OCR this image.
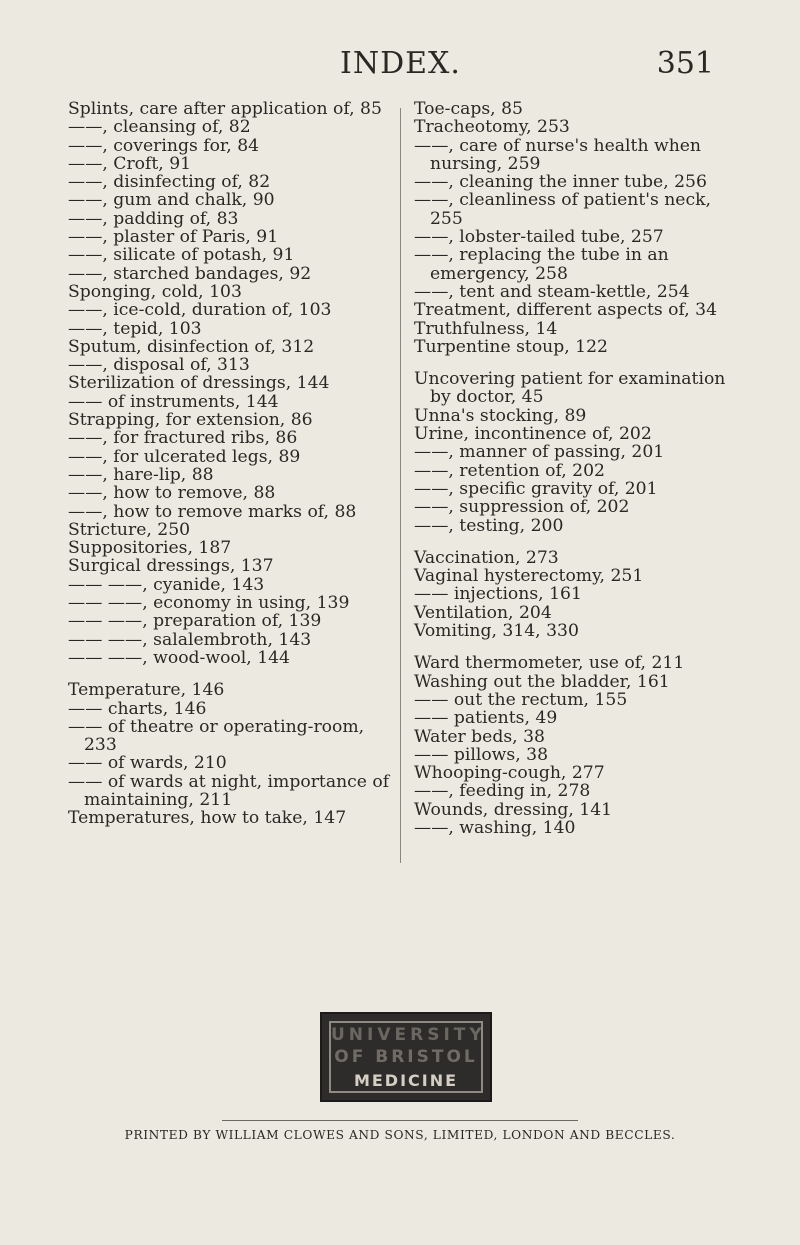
INDEX.	351

Splints, care after application of, 85

——, cleansing of, 82

——, coverings for, 84

——, Croft, 91

——, disinfecting of, 82

——, gum and chalk, 90

——, padding of, 83

——, plaster of Paris, 91

——, silicate of potash, 91

——, starched bandages, 92

Sponging, cold, 103

——, ice-cold, duration of, 103

——, tepid, 103

Sputum, disinfection of, 312

——, disposal of, 313

Sterilization of dressings, 144

—— of instruments, 144

Strapping, for extension, 86

——, for fractured ribs, 86

——, for ulcerated legs, 89

——, hare-lip, 88

——, how to remove, 88

——, how to remove marks of, 88

Stricture, 250

Suppositories, 187

Surgical dressings, 137

—— ——, cyanide, 143

—— ——, economy in using, 139

—— ——, preparation of, 139

—— ——, salalembroth, 143

—— ——, wood-wool, 144

Temperature, 146

—— charts, 146

—— of theatre or operating-room, 233

—— of wards, 210

—— of wards at night, importance of maintaining, 211

Temperatures, how to take, 147

Toe-caps, 85

Tracheotomy, 253

——, care of nurse's health when nursing, 259

——, cleaning the inner tube, 256

——, cleanliness of patient's neck, 255

——, lobster-tailed tube, 257

——, replacing the tube in an emergency, 258

——, tent and steam-kettle, 254

Treatment, different aspects of, 34

Truthfulness, 14

Turpentine stoup, 122

Uncovering patient for examination by doctor, 45

Unna's stocking, 89

Urine, incontinence of, 202

——, manner of passing, 201

——, retention of, 202

——, specific gravity of, 201

——, suppression of, 202

——, testing, 200

Vaccination, 273

Vaginal hysterectomy, 251

—— injections, 161

Ventilation, 204

Vomiting, 314, 330

Ward thermometer, use of, 211

Washing out the bladder, 161

—— out the rectum, 155

—— patients, 49

Water beds, 38

—— pillows, 38

Whooping-cough, 277

——, feeding in, 278

Wounds, dressing, 141

——, washing, 140

UNIVERSITY
OF BRISTOL
MEDICINE
PRINTED BY WILLIAM CLOWES AND SONS, LIMITED, LONDON AND BECCLES.
